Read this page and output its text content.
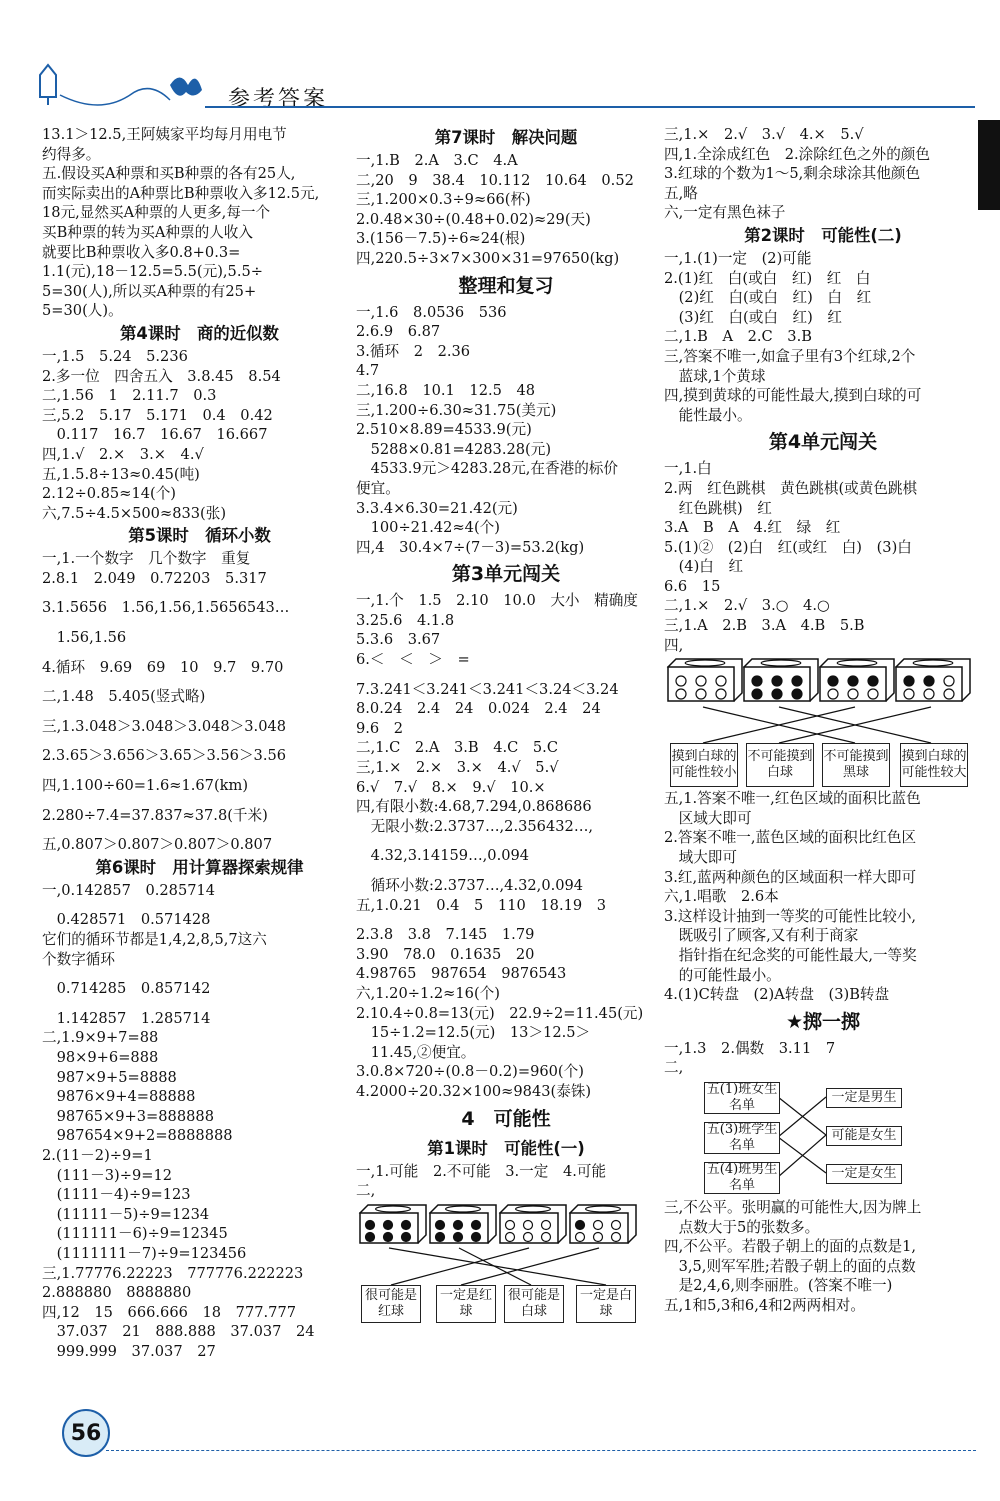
参考答案
13.1＞12.5,王阿姨家平均每月用电节
约得多。
五.假设买A种票和买B种票的各有25人,
而实际卖出的A种票比B种票收入多12.5元,
18元,显然买A种票的人更多,每一个
买B种票的转为买A种票的人收入
就要比B种票收入多0.8+0.3=
1.1(元),18－12.5=5.5(元),5.5÷
5=30(人),所以买A种票的有25+
5=30(人)。
第4课时　商的近似数
一,1.5　5.24　5.236
2.多一位　四舍五入　3.8.45　8.54
二,1.56　1　2.11.7　0.3
三,5.2　5.17　5.171　0.4　0.42
　0.117　16.7　16.67　16.667
四,1.√　2.×　3.×　4.√
五,1.5.8÷13≈0.45(吨)
2.12÷0.85≈14(个)
六,7.5÷4.5×500≈833(张)
第5课时　循环小数
一,1.一个数字　几个数字　重复
2.8.1　2.049　0.72203　5.317
3.1.5656　1.56,1.56,1.5656543…
　1.56,1.56
4.循环　9.69　69　10　9.7　9.70
二,1.48　5.405(竖式略)
三,1.3.048＞3.048＞3.048＞3.048
2.3.65＞3.656＞3.65＞3.56＞3.56
四,1.100÷60=1.6≈1.67(km)
2.280÷7.4=37.837≈37.8(千米)
五,0.807＞0.807＞0.807＞0.807
第6课时　用计算器探索规律
一,0.142857　0.285714
　0.428571　0.571428
它们的循环节都是1,4,2,8,5,7这六
个数字循环
　0.714285　0.857142
　1.142857　1.285714
二,1.9×9+7=88
　98×9+6=888
　987×9+5=8888
　9876×9+4=88888
　98765×9+3=888888
　987654×9+2=8888888
2.(11－2)÷9=1
　(111－3)÷9=12
　(1111－4)÷9=123
　(11111－5)÷9=1234
　(111111－6)÷9=12345
　(1111111－7)÷9=123456
三,1.77776.22223　777776.222223
2.888880　8888880
四,12　15　666.666　18　777.777
　37.037　21　888.888　37.037　24
　999.999　37.037　27
第7课时　解决问题
一,1.B　2.A　3.C　4.A
二,20　9　38.4　10.112　10.64　0.52
三,1.200×0.3÷9≈66(杯)
2.0.48×30÷(0.48+0.02)≈29(天)
3.(156－7.5)÷6≈24(根)
四,220.5÷3×7×300×31=97650(kg)
整理和复习
一,1.6　8.0536　536
2.6.9　6.87
3.循环　2　2.36
4.7
二,16.8　10.1　12.5　48
三,1.200÷6.30≈31.75(美元)
2.510×8.89=4533.9(元)
　5288×0.81=4283.28(元)
　4533.9元＞4283.28元,在香港的标价
便宜。
3.3.4×6.30=21.42(元)
　100÷21.42≈4(个)
四,4　30.4×7÷(7－3)=53.2(kg)
第3单元闯关
一,1.个　1.5　2.10　10.0　大小　精确度
3.25.6　4.1.8
5.3.6　3.67
6.＜　＜　＞　=
7.3.241＜3.241＜3.241＜3.24＜3.24
8.0.24　2.4　24　0.024　2.4　24
9.6　2
二,1.C　2.A　3.B　4.C　5.C
三,1.×　2.×　3.×　4.√　5.√
6.√　7.√　8.×　9.√　10.×
四,有限小数:4.68,7.294,0.868686
　无限小数:2.3737…,2.356432…,
　4.32,3.14159…,0.094
　循环小数:2.3737…,4.32,0.094
五,1.0.21　0.4　5　110　18.19　3
2.3.8　3.8　7.145　1.79
3.90　78.0　0.1635　20
4.98765　987654　9876543
六,1.20÷1.2≈16(个)
2.10.4÷0.8=13(元)　22.9÷2=11.45(元)
　15÷1.2=12.5(元)　13＞12.5＞
　11.45,②便宜。
3.0.8×720÷(0.8－0.2)=960(个)
4.2000÷20.32×100≈9843(泰铢)
4　可能性
第1课时　可能性(一)
一,1.可能　2.不可能　3.一定　4.可能
二,
很可能是红球
一定是红球
很可能是白球
一定是白球
三,1.×　2.√　3.√　4.×　5.√
四,1.全涂成红色　2.涂除红色之外的颜色
3.红球的个数为1～5,剩余球涂其他颜色
五,略
六,一定有黑色袜子
第2课时　可能性(二)
一,1.(1)一定　(2)可能
2.(1)红　白(或白　红)　红　白
　(2)红　白(或白　红)　白　红
　(3)红　白(或白　红)　红
二,1.B　A　2.C　3.B
三,答案不唯一,如盒子里有3个红球,2个
　蓝球,1个黄球
四,摸到黄球的可能性最大,摸到白球的可
　能性最小。
第4单元闯关
一,1.白
2.两　红色跳棋　黄色跳棋(或黄色跳棋
　红色跳棋)　红
3.A　B　A　4.红　绿　红
5.(1)②　(2)白　红(或红　白)　(3)白
　(4)白　红
6.6　15
二,1.×　2.√　3.○　4.○
三,1.A　2.B　3.A　4.B　5.B
四,
摸到白球的可能性较小
不可能摸到白球
不可能摸到黑球
摸到白球的可能性较大
五,1.答案不唯一,红色区域的面积比蓝色
　区域大即可
2.答案不唯一,蓝色区域的面积比红色区
　域大即可
3.红,蓝两种颜色的区域面积一样大即可
六,1.唱歌　2.6本
3.这样设计抽到一等奖的可能性比较小,
　既吸引了顾客,又有利于商家
　指针指在纪念奖的可能性最大,一等奖
　的可能性最小。
4.(1)C转盘　(2)A转盘　(3)B转盘
★掷一掷
一,1.3　2.偶数　3.11　7
二,
五(1)班女生名单
五(3)班学生名单
五(4)班男生名单
一定是男生
可能是女生
一定是女生
三,不公平。张明赢的可能性大,因为牌上
　点数大于5的张数多。
四,不公平。若骰子朝上的面的点数是1,
　3,5,则军军胜;若骰子朝上的面的点数
　是2,4,6,则李丽胜。(答案不唯一)
五,1和5,3和6,4和2两两相对。
56
